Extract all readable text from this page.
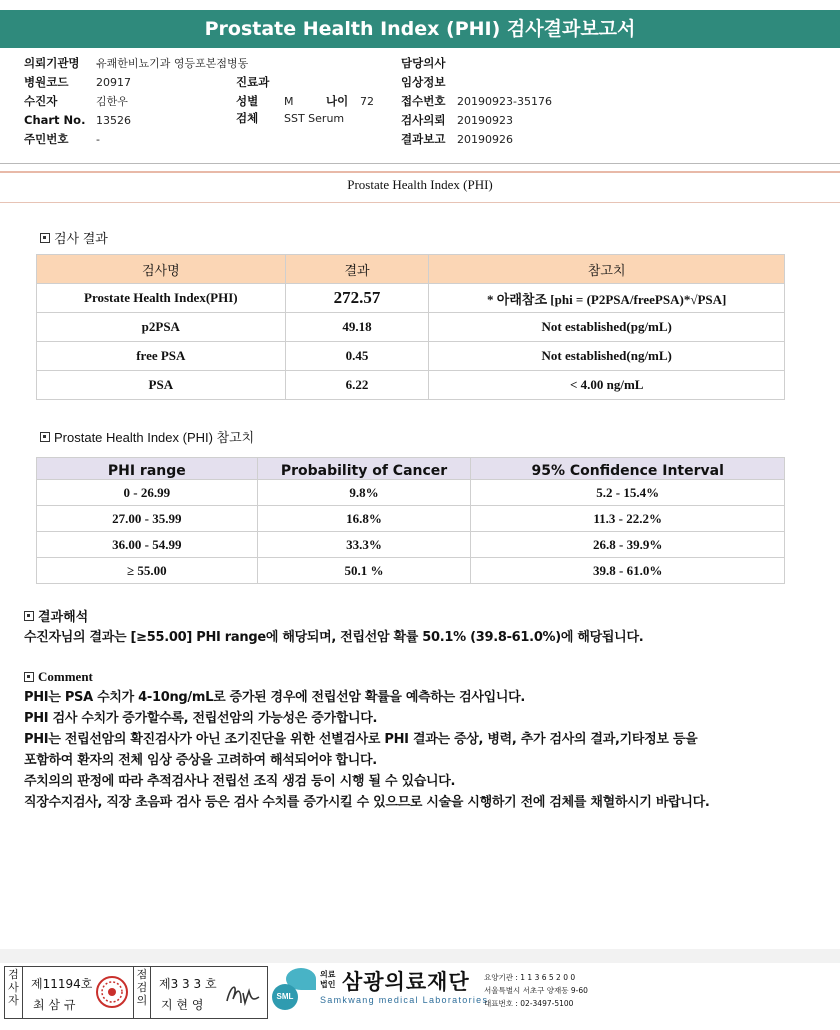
Prostate Health Index (PHI) 검사결과보고서
의뢰기관명	유쾌한비뇨기과 영등포본점 병동
병원코드	20917
수진자	김한우
Chart No. 13526
주민번호	-
진료과
성별	M	나이	72
검체	SST Serum
담당의사
임상정보
접수번호	20190923-35176
검사의뢰	20190923
결과보고	20190926
Prostate Health Index (PHI)
검사 결과
검사명	결과	참고치
Prostate Health Index(PHI)	272.57	* 아래참조 [phi = (P2PSA/freePSA)*√PSA]
p2PSA	49.18	Not established(pg/mL)
free PSA	0.45	Not established(ng/mL)
PSA	6.22	< 4.00 ng/mL
Prostate Health Index (PHI) 참고치
PHI range	Probability of Cancer	95% Confidence Interval
0 - 26.99	9.8%	5.2 - 15.4%
27.00 - 35.99	16.8%	11.3 - 22.2%
36.00 - 54.99	33.3%	26.8 - 39.9%
≥ 55.00	50.1 %	39.8 - 61.0%
결과해석
수진자님의 결과는 [≥55.00] PHI range에 해당되며, 전립선암 확률 50.1% (39.8-61.0%)에 해당됩니다.
Comment
PHI는 PSA 수치가 4-10ng/mL로 증가된 경우에 전립선암 확률을 예측하는 검사입니다.
PHI 검사 수치가 증가할수록, 전립선암의 가능성은 증가합니다.
PHI는 전립선암의 확진검사가 아닌 조기진단을 위한 선별검사로 PHI 결과는 증상, 병력, 추가 검사의 결과,기타정보 등을
포함하여 환자의 전체 임상 증상을 고려하여 해석되어야 합니다.
주치의의 판정에 따라 추적검사나 전립선 조직 생검 등이 시행 될 수 있습니다.
직장수지검사, 직장 초음파 검사 등은 검사 수치를 증가시킬 수 있으므로 시술을 시행하기 전에 검체를 채혈하시기 바랍니다.
검
사
자
제11194호
최 삼 규
점
검
의
제3 3 3 호
지 현 영
SML
의료
법인 삼광의료재단
Samkwang medical Laboratories
요양기관 : 1 1 3 6 5 2 0 0
서울특별시 서초구 양재동 9-60
대표번호 : 02-3497-5100
